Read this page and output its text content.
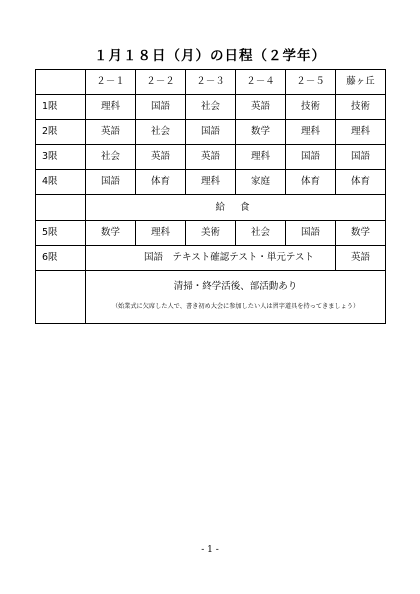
１月１８日（月）の日程（２学年）
	２－１	２－２	２－３	２－４	２－５	藤ヶ丘
1限	理科	国語	社会	英語	技術	技術
2限	英語	社会	国語	数学	理科	理科
3限	社会	英語	英語	理科	国語	国語
4限	国語	体育	理科	家庭	体育	体育
	給 食					
5限	数学	理科	美術	社会	国語	数学
6限	国語　テキスト確認テスト・単元テスト					英語

	清掃・終学活後、部活動あり
（始業式に欠席した人で、書き初め大会に参加したい人は習字道具を持ってきましょう）					
- 1 -
